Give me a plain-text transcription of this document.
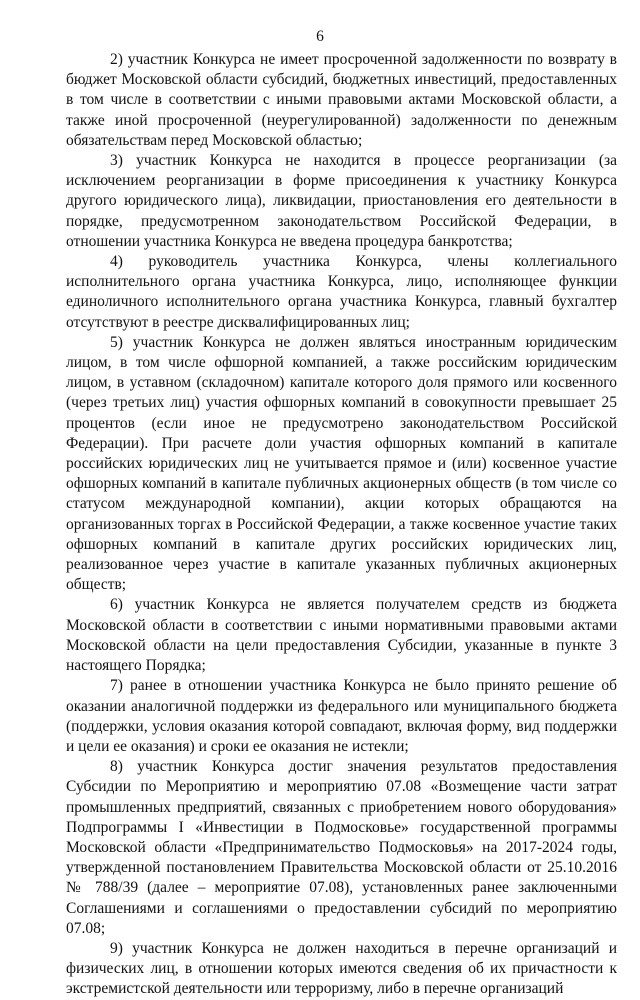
6

2) участник Конкурса не имеет просроченной задолженности по возврату в бюджет Московской области субсидий, бюджетных инвестиций, предоставленных в том числе в соответствии с иными правовыми актами Московской области, а также иной просроченной (неурегулированной) задолженности по денежным обязательствам перед Московской областью;

3) участник Конкурса не находится в процессе реорганизации (за исключением реорганизации в форме присоединения к участнику Конкурса другого юридического лица), ликвидации, приостановления его деятельности в порядке, предусмотренном законодательством Российской Федерации, в отношении участника Конкурса не введена процедура банкротства;

4) руководитель участника Конкурса, члены коллегиального исполнительного органа участника Конкурса, лицо, исполняющее функции единоличного исполнительного органа участника Конкурса, главный бухгалтер отсутствуют в реестре дисквалифицированных лиц;

5) участник Конкурса не должен являться иностранным юридическим лицом, в том числе офшорной компанией, а также российским юридическим лицом, в уставном (складочном) капитале которого доля прямого или косвенного (через третьих лиц) участия офшорных компаний в совокупности превышает 25 процентов (если иное не предусмотрено законодательством Российской Федерации). При расчете доли участия офшорных компаний в капитале российских юридических лиц не учитывается прямое и (или) косвенное участие офшорных компаний в капитале публичных акционерных обществ (в том числе со статусом международной компании), акции которых обращаются на организованных торгах в Российской Федерации, а также косвенное участие таких офшорных компаний в капитале других российских юридических лиц, реализованное через участие в капитале указанных публичных акционерных обществ;

6) участник Конкурса не является получателем средств из бюджета Московской области в соответствии с иными нормативными правовыми актами Московской области на цели предоставления Субсидии, указанные в пункте 3 настоящего Порядка;

7) ранее в отношении участника Конкурса не было принято решение об оказании аналогичной поддержки из федерального или муниципального бюджета (поддержки, условия оказания которой совпадают, включая форму, вид поддержки и цели ее оказания) и сроки ее оказания не истекли;

8) участник Конкурса достиг значения результатов предоставления Субсидии по Мероприятию и мероприятию 07.08 «Возмещение части затрат промышленных предприятий, связанных с приобретением нового оборудования» Подпрограммы I «Инвестиции в Подмосковье» государственной программы Московской области «Предпринимательство Подмосковья» на 2017-2024 годы, утвержденной постановлением Правительства Московской области от 25.10.2016 № 788/39 (далее – мероприятие 07.08), установленных ранее заключенными Соглашениями и соглашениями о предоставлении субсидий по мероприятию 07.08;

9) участник Конкурса не должен находиться в перечне организаций и физических лиц, в отношении которых имеются сведения об их причастности к экстремистской деятельности или терроризму, либо в перечне организаций
